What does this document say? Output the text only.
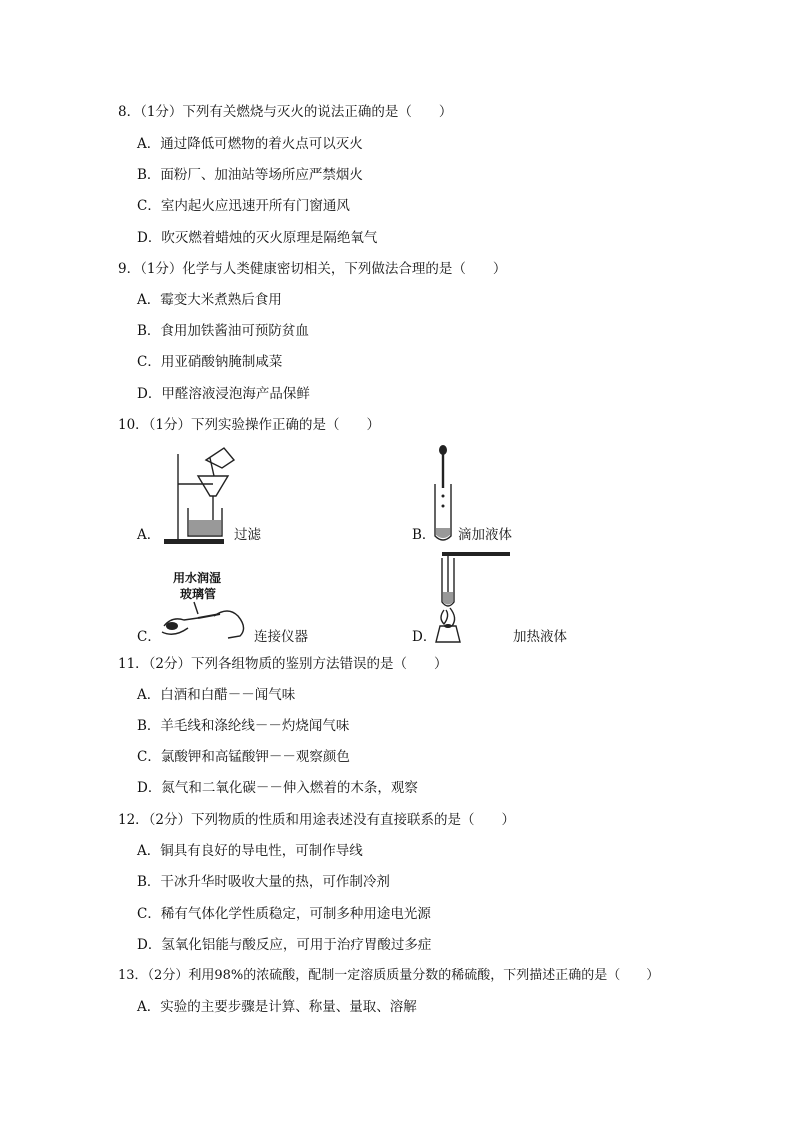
8．（1分）下列有关燃烧与灭火的说法正确的是（　　）
A．通过降低可燃物的着火点可以灭火
B．面粉厂、加油站等场所应严禁烟火
C．室内起火应迅速开所有门窗通风
D．吹灭燃着蜡烛的灭火原理是隔绝氧气
9．（1分）化学与人类健康密切相关，下列做法合理的是（　　）
A．霉变大米煮熟后食用
B．食用加铁酱油可预防贫血
C．用亚硝酸钠腌制咸菜
D．甲醛溶液浸泡海产品保鲜
10．（1分）下列实验操作正确的是（　　）
A．	过滤	B． 滴加液体
用水润湿
玻璃管
C．	连接仪器	D．	加热液体
11．（2分）下列各组物质的鉴别方法错误的是（　　）
A．白酒和白醋－－闻气味
B．羊毛线和涤纶线－－灼烧闻气味
C．氯酸钾和高锰酸钾－－观察颜色
D．氮气和二氧化碳－－伸入燃着的木条，观察
12．（2分）下列物质的性质和用途表述没有直接联系的是（　　）
A．铜具有良好的导电性，可制作导线
B．干冰升华时吸收大量的热，可作制冷剂
C．稀有气体化学性质稳定，可制多种用途电光源
D．氢氧化铝能与酸反应，可用于治疗胃酸过多症
13．（2分）利用98%的浓硫酸，配制一定溶质质量分数的稀硫酸，下列描述正确的是（　　）
A．实验的主要步骤是计算、称量、量取、溶解
